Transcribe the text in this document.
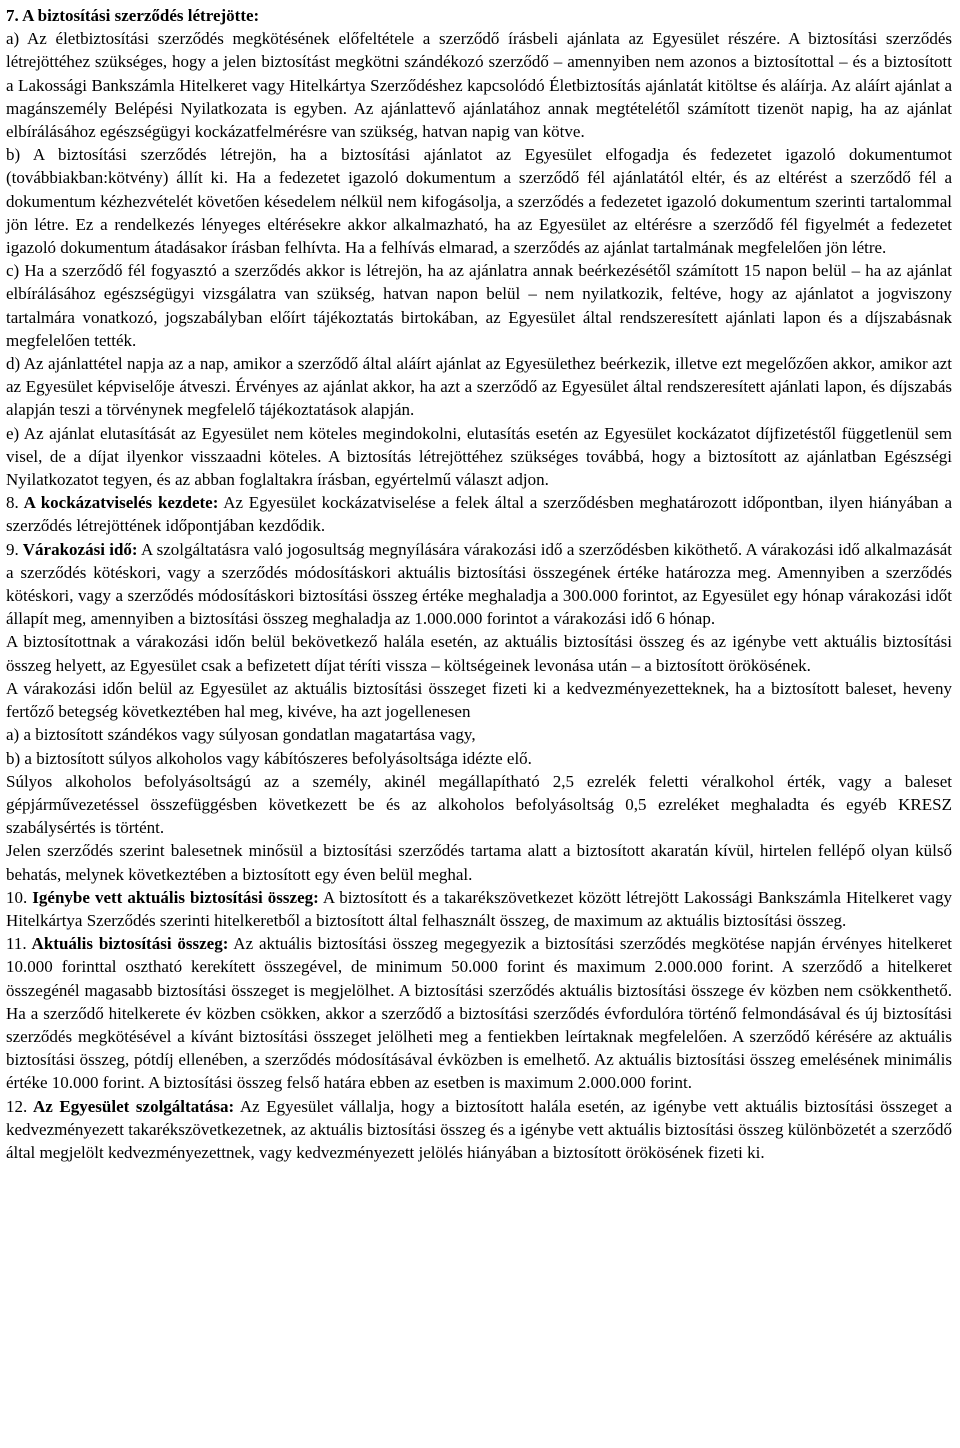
7. A biztosítási szerződés létrejötte:

a) Az életbiztosítási szerződés megkötésének előfeltétele a szerződő írásbeli ajánlata az Egyesület részére. A biztosítási szerződés létrejöttéhez szükséges, hogy a jelen biztosítást megkötni szándékozó szerződő – amennyiben nem azonos a biztosítottal – és a biztosított a Lakossági Bankszámla Hitelkeret vagy Hitelkártya Szerződéshez kapcsolódó Életbiztosítás ajánlatát kitöltse és aláírja. Az aláírt ajánlat a magánszemély Belépési Nyilatkozata is egyben. Az ajánlattevő ajánlatához annak megtételétől számított tizenöt napig, ha az ajánlat elbírálásához egészségügyi kockázatfelmérésre van szükség, hatvan napig van kötve.

b) A biztosítási szerződés létrejön, ha a biztosítási ajánlatot az Egyesület elfogadja és fedezetet igazoló dokumentumot (továbbiakban:kötvény) állít ki. Ha a fedezetet igazoló dokumentum a szerződő fél ajánlatától eltér, és az eltérést a szerződő fél a dokumentum kézhezvételét követően késedelem nélkül nem kifogásolja, a szerződés a fedezetet igazoló dokumentum szerinti tartalommal jön létre. Ez a rendelkezés lényeges eltérésekre akkor alkalmazható, ha az Egyesület az eltérésre a szerződő fél figyelmét a fedezetet igazoló dokumentum átadásakor írásban felhívta. Ha a felhívás elmarad, a szerződés az ajánlat tartalmának megfelelően jön létre.

c) Ha a szerződő fél fogyasztó a szerződés akkor is létrejön, ha az ajánlatra annak beérkezésétől számított 15 napon belül – ha az ajánlat elbírálásához egészségügyi vizsgálatra van szükség, hatvan napon belül – nem nyilatkozik, feltéve, hogy az ajánlatot a jogviszony tartalmára vonatkozó, jogszabályban előírt tájékoztatás birtokában, az Egyesület által rendszeresített ajánlati lapon és a díjszabásnak megfelelően tették.

d) Az ajánlattétel napja az a nap, amikor a szerződő által aláírt ajánlat az Egyesülethez beérkezik, illetve ezt megelőzően akkor, amikor azt az Egyesület képviselője átveszi. Érvényes az ajánlat akkor, ha azt a szerződő az Egyesület által rendszeresített ajánlati lapon, és díjszabás alapján teszi a törvénynek megfelelő tájékoztatások alapján.

e) Az ajánlat elutasítását az Egyesület nem köteles megindokolni, elutasítás esetén az Egyesület kockázatot díjfizetéstől függetlenül sem visel, de a díjat ilyenkor visszaadni köteles. A biztosítás létrejöttéhez szükséges továbbá, hogy a biztosított az ajánlatban Egészségi Nyilatkozatot tegyen, és az abban foglaltakra írásban, egyértelmű választ adjon.

8. A kockázatviselés kezdete: Az Egyesület kockázatviselése a felek által a szerződésben meghatározott időpontban, ilyen hiányában a szerződés létrejöttének időpontjában kezdődik.

9. Várakozási idő: A szolgáltatásra való jogosultság megnyílására várakozási idő a szerződésben kiköthető. A várakozási idő alkalmazását a szerződés kötéskori, vagy a szerződés módosításkori aktuális biztosítási összegének értéke határozza meg. Amennyiben a szerződés kötéskori, vagy a szerződés módosításkori biztosítási összeg értéke meghaladja a 300.000 forintot, az Egyesület egy hónap várakozási időt állapít meg, amennyiben a biztosítási összeg meghaladja az 1.000.000 forintot a várakozási idő 6 hónap.

A biztosítottnak a várakozási időn belül bekövetkező halála esetén, az aktuális biztosítási összeg és az igénybe vett aktuális biztosítási összeg helyett, az Egyesület csak a befizetett díjat téríti vissza – költségeinek levonása után – a biztosított örökösének.

A várakozási időn belül az Egyesület az aktuális biztosítási összeget fizeti ki a kedvezményezetteknek, ha a biztosított baleset, heveny fertőző betegség következtében hal meg, kivéve, ha azt jogellenesen

a) a biztosított szándékos vagy súlyosan gondatlan magatartása vagy,

b) a biztosított súlyos alkoholos vagy kábítószeres befolyásoltsága idézte elő.

Súlyos alkoholos befolyásoltságú az a személy, akinél megállapítható 2,5 ezrelék feletti véralkohol érték, vagy a baleset gépjárművezetéssel összefüggésben következett be és az alkoholos befolyásoltság 0,5 ezreléket meghaladta és egyéb KRESZ szabálysértés is történt.

Jelen szerződés szerint balesetnek minősül a biztosítási szerződés tartama alatt a biztosított akaratán kívül, hirtelen fellépő olyan külső behatás, melynek következtében a biztosított egy éven belül meghal.

10. Igénybe vett aktuális biztosítási összeg: A biztosított és a takarékszövetkezet között létrejött Lakossági Bankszámla Hitelkeret vagy Hitelkártya Szerződés szerinti hitelkeretből a biztosított által felhasznált összeg, de maximum az aktuális biztosítási összeg.

11. Aktuális biztosítási összeg: Az aktuális biztosítási összeg megegyezik a biztosítási szerződés megkötése napján érvényes hitelkeret 10.000 forinttal osztható kerekített összegével, de minimum 50.000 forint és maximum 2.000.000 forint. A szerződő a hitelkeret összegénél magasabb biztosítási összeget is megjelölhet. A biztosítási szerződés aktuális biztosítási összege év közben nem csökkenthető. Ha a szerződő hitelkerete év közben csökken, akkor a szerződő a biztosítási szerződés évfordulóra történő felmondásával és új biztosítási szerződés megkötésével a kívánt biztosítási összeget jelölheti meg a fentiekben leírtaknak megfelelően. A szerződő kérésére az aktuális biztosítási összeg, pótdíj ellenében, a szerződés módosításával évközben is emelhető. Az aktuális biztosítási összeg emelésének minimális értéke 10.000 forint. A biztosítási összeg felső határa ebben az esetben is maximum 2.000.000 forint.

12. Az Egyesület szolgáltatása: Az Egyesület vállalja, hogy a biztosított halála esetén, az igénybe vett aktuális biztosítási összeget a kedvezményezett takarékszövetkezetnek, az aktuális biztosítási összeg és a igénybe vett aktuális biztosítási összeg különbözetét a szerződő által megjelölt kedvezményezettnek, vagy kedvezményezett jelölés hiányában a biztosított örökösének fizeti ki.
